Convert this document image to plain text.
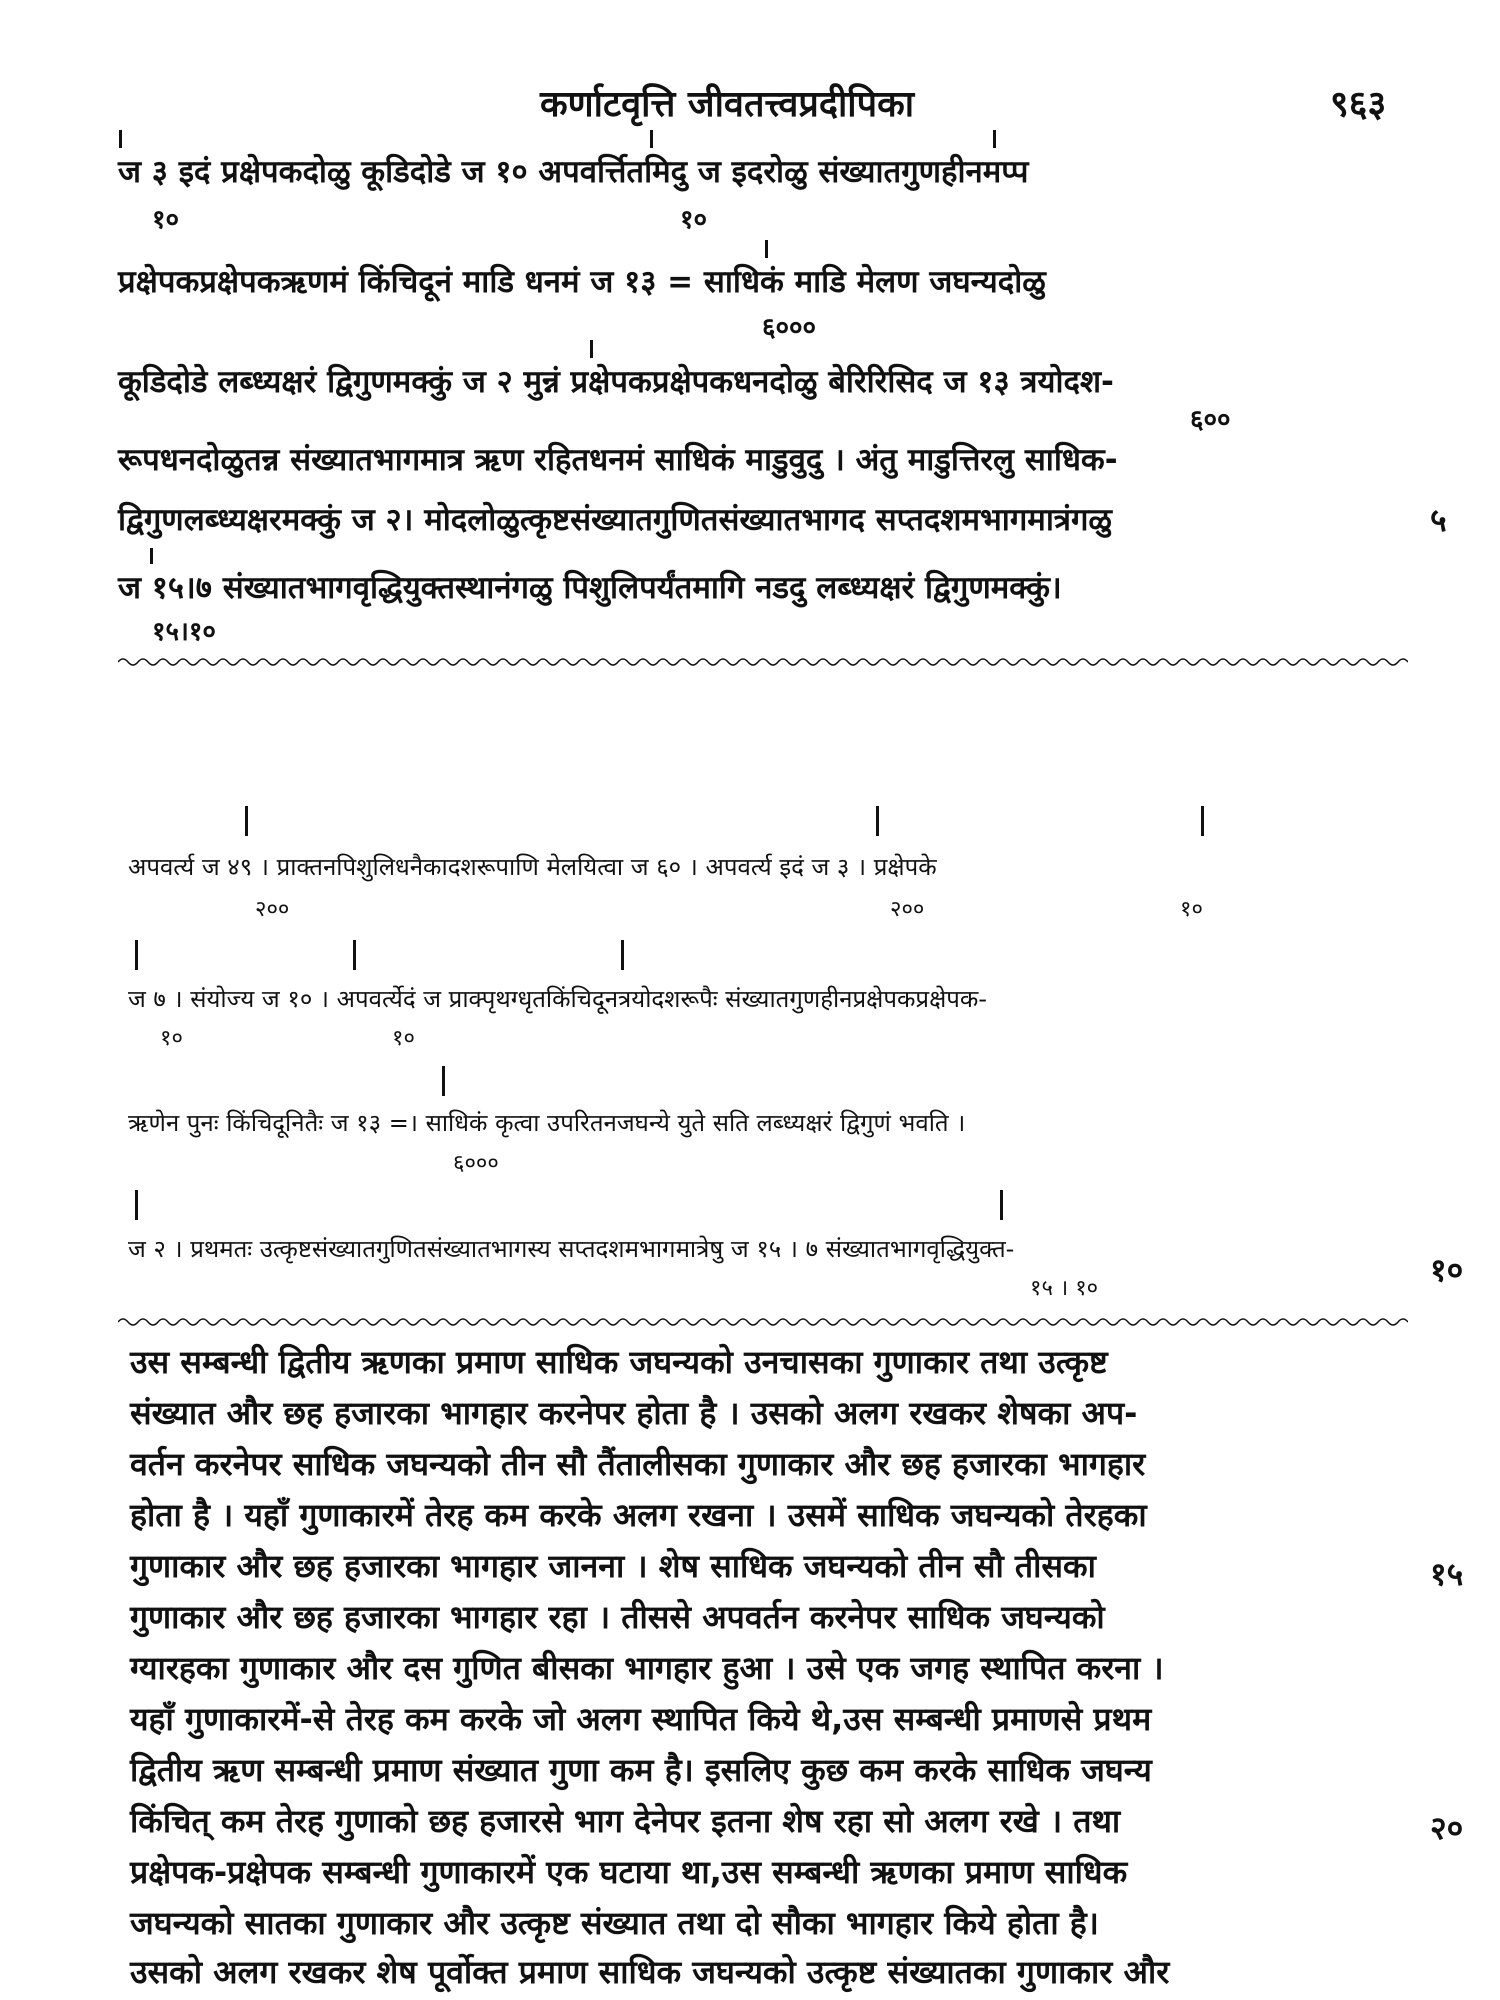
कर्णाटवृत्ति जीवतत्त्वप्रदीपिका	९६३
ज ३ इदं प्रक्षेपकदोळु कूडिदोडे ज १० अपवर्त्तितमिदु ज इदरोळु संख्यातगुणहीनमप्प
१०	१०
प्रक्षेपकप्रक्षेपकऋणमं किंचिदूनं माडि धनमं ज १३ = साधिकं माडि मेलण जघन्यदोळु
६०००
कूडिदोडे लब्ध्यक्षरं द्विगुणमक्कुं ज २ मुन्नं प्रक्षेपकप्रक्षेपकधनदोळु बेरिरिसिद ज १३ त्रयोदश-
६००
रूपधनदोळुतन्न संख्यातभागमात्र ऋण रहितधनमं साधिकं माडुवुदु । अंतु माडुत्तिरलु साधिक-
द्विगुणलब्ध्यक्षरमक्कुं ज २। मोदलोळुत्कृष्टसंख्यातगुणितसंख्यातभागद सप्तदशमभागमात्रंगळु	५
ज १५।७ संख्यातभागवृद्धियुक्तस्थानंगळु पिशुलिपर्यंतमागि नडदु लब्ध्यक्षरं द्विगुणमक्कुं।
१५।१०
अपवर्त्य ज ४९ । प्राक्तनपिशुलिधनैकादशरूपाणि मेलयित्वा ज ६० । अपवर्त्य इदं ज ३ । प्रक्षेपके
२००	२००	१०
ज ७ । संयोज्य ज १० । अपवर्त्येदं ज प्राक्पृथग्धृतकिंचिदूनत्रयोदशरूपैः संख्यातगुणहीनप्रक्षेपकप्रक्षेपक-
१०	१०
ऋणेन पुनः किंचिदूनितैः ज १३ =। साधिकं कृत्वा उपरितनजघन्ये युते सति लब्ध्यक्षरं द्विगुणं भवति ।
६०००
ज २ । प्रथमतः उत्कृष्टसंख्यातगुणितसंख्यातभागस्य सप्तदशमभागमात्रेषु ज १५ । ७ संख्यातभागवृद्धियुक्त-
१५ । १०	१०
उस सम्बन्धी द्वितीय ऋणका प्रमाण साधिक जघन्यको उनचासका गुणाकार तथा उत्कृष्ट
संख्यात और छह हजारका भागहार करनेपर होता है । उसको अलग रखकर शेषका अप-
वर्तन करनेपर साधिक जघन्यको तीन सौ तैंतालीसका गुणाकार और छह हजारका भागहार
होता है । यहाँ गुणाकारमें तेरह कम करके अलग रखना । उसमें साधिक जघन्यको तेरहका
गुणाकार और छह हजारका भागहार जानना । शेष साधिक जघन्यको तीन सौ तीसका	१५
गुणाकार और छह हजारका भागहार रहा । तीससे अपवर्तन करनेपर साधिक जघन्यको
ग्यारहका गुणाकार और दस गुणित बीसका भागहार हुआ । उसे एक जगह स्थापित करना ।
यहाँ गुणाकारमें-से तेरह कम करके जो अलग स्थापित किये थे,उस सम्बन्धी प्रमाणसे प्रथम
द्वितीय ऋण सम्बन्धी प्रमाण संख्यात गुणा कम है। इसलिए कुछ कम करके साधिक जघन्य
किंचित् कम तेरह गुणाको छह हजारसे भाग देनेपर इतना शेष रहा सो अलग रखे । तथा	२०
प्रक्षेपक-प्रक्षेपक सम्बन्धी गुणाकारमें एक घटाया था,उस सम्बन्धी ऋणका प्रमाण साधिक
जघन्यको सातका गुणाकार और उत्कृष्ट संख्यात तथा दो सौका भागहार किये होता है।
उसको अलग रखकर शेष पूर्वोक्त प्रमाण साधिक जघन्यको उत्कृष्ट संख्यातका गुणाकार और
